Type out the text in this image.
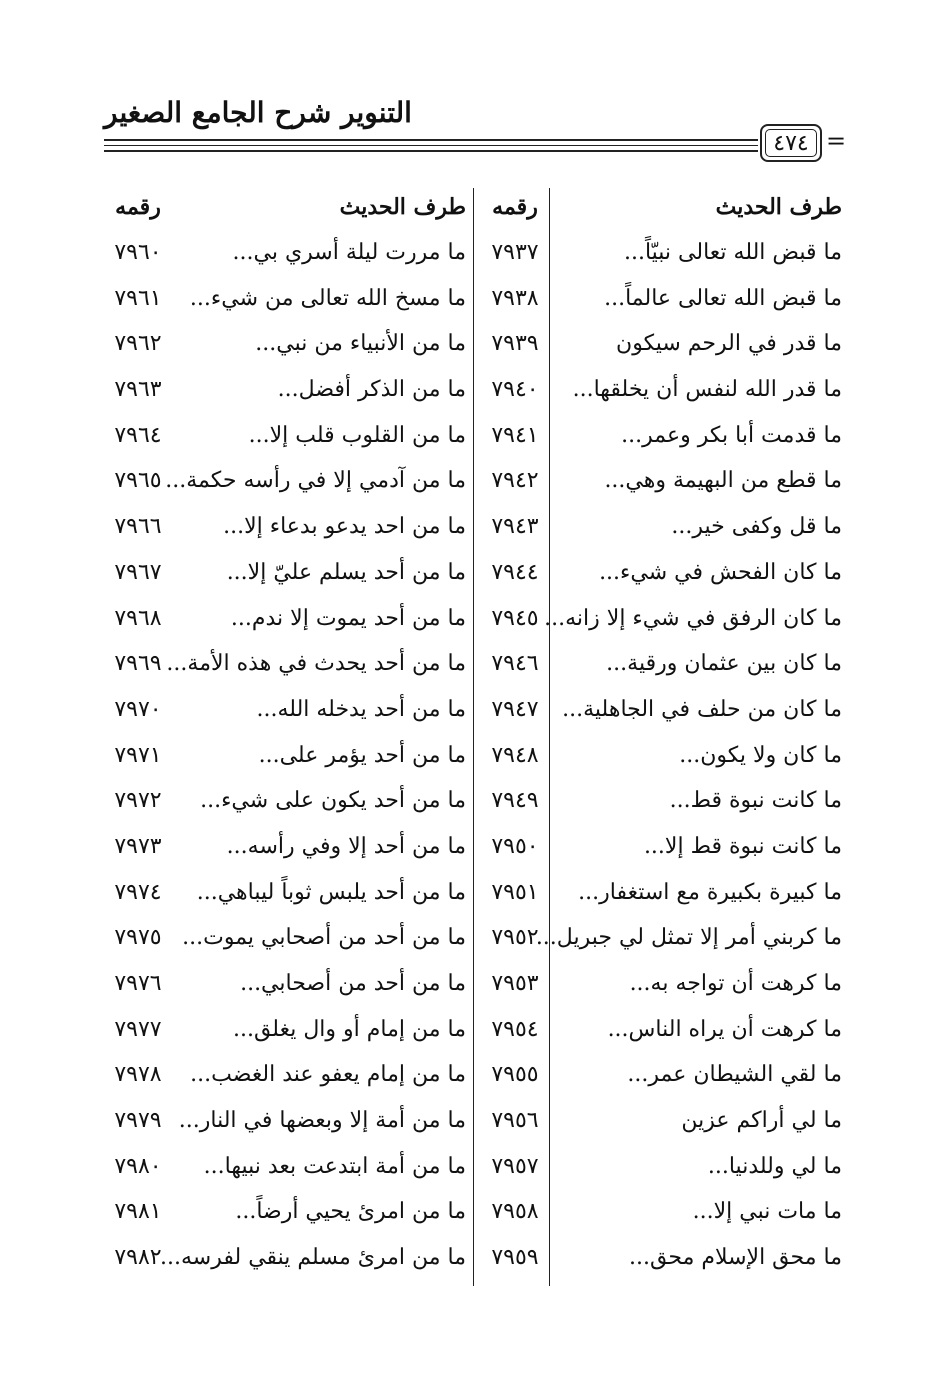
التنوير شرح الجامع الصغير
٤٧٤ =
طرف الحديث
رقمه
طرف الحديث
رقمه
ما قبض الله تعالى نبيّاً...
٧٩٣٧
ما مررت ليلة أسري بي...
٧٩٦٠
ما قبض الله تعالى عالماً...
٧٩٣٨
ما مسخ الله تعالى من شيء...
٧٩٦١
ما قدر في الرحم سيكون
٧٩٣٩
ما من الأنبياء من نبي...
٧٩٦٢
ما قدر الله لنفس أن يخلقها...
٧٩٤٠
ما من الذكر أفضل...
٧٩٦٣
ما قدمت أبا بكر وعمر...
٧٩٤١
ما من القلوب قلب إلا...
٧٩٦٤
ما قطع من البهيمة وهي...
٧٩٤٢
ما من آدمي إلا في رأسه حكمة...
٧٩٦٥
ما قل وكفى خير...
٧٩٤٣
ما من احد يدعو بدعاء إلا...
٧٩٦٦
ما كان الفحش في شيء...
٧٩٤٤
ما من أحد يسلم عليّ إلا...
٧٩٦٧
ما كان الرفق في شيء إلا زانه...
٧٩٤٥
ما من أحد يموت إلا ندم...
٧٩٦٨
ما كان بين عثمان ورقية...
٧٩٤٦
ما من أحد يحدث في هذه الأمة...
٧٩٦٩
ما كان من حلف في الجاهلية...
٧٩٤٧
ما من أحد يدخله الله...
٧٩٧٠
ما كان ولا يكون...
٧٩٤٨
ما من أحد يؤمر على...
٧٩٧١
ما كانت نبوة قط...
٧٩٤٩
ما من أحد يكون على شيء...
٧٩٧٢
ما كانت نبوة قط إلا...
٧٩٥٠
ما من أحد إلا وفي رأسه...
٧٩٧٣
ما كبيرة بكبيرة مع استغفار...
٧٩٥١
ما من أحد يلبس ثوباً ليباهي...
٧٩٧٤
ما كربني أمر إلا تمثل لي جبريل...
٧٩٥٢
ما من أحد من أصحابي يموت...
٧٩٧٥
ما كرهت أن تواجه به...
٧٩٥٣
ما من أحد من أصحابي...
٧٩٧٦
ما كرهت أن يراه الناس...
٧٩٥٤
ما من إمام أو وال يغلق...
٧٩٧٧
ما لقي الشيطان عمر...
٧٩٥٥
ما من إمام يعفو عند الغضب...
٧٩٧٨
ما لي أراكم عزين
٧٩٥٦
ما من أمة إلا وبعضها في النار...
٧٩٧٩
ما لي وللدنيا...
٧٩٥٧
ما من أمة ابتدعت بعد نبيها...
٧٩٨٠
ما مات نبي إلا...
٧٩٥٨
ما من امرئ يحيي أرضاً...
٧٩٨١
ما محق الإسلام محق...
٧٩٥٩
ما من امرئ مسلم ينقي لفرسه...
٧٩٨٢
